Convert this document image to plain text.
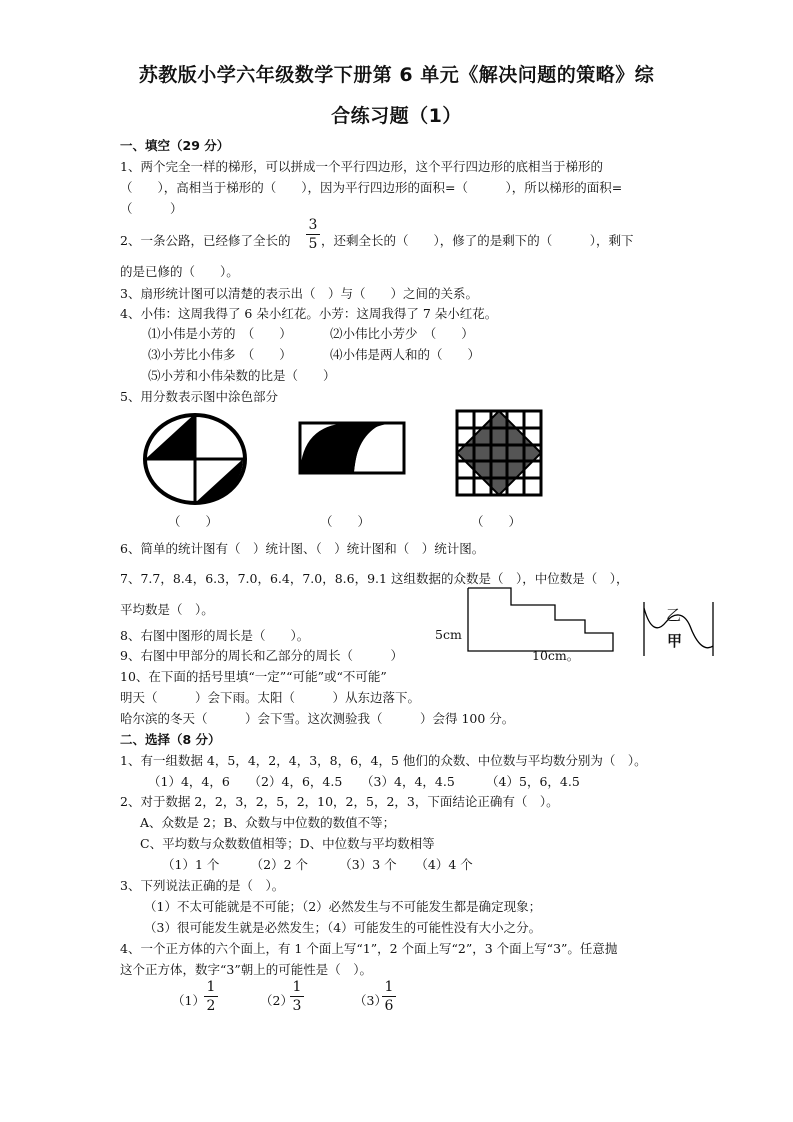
苏教版小学六年级数学下册第 6 单元《解决问题的策略》综
合练习题（1）
一、填空（29 分）
1、两个完全一样的梯形，可以拼成一个平行四边形，这个平行四边形的底相当于梯形的
（　　），高相当于梯形的（　　），因为平行四边形的面积=（　　　），所以梯形的面积=
（　　　）
2、一条公路，已经修了全长的
3
5 ，还剩全长的（　　），修了的是剩下的（　　　），剩下
的是已修的（　　）。
3、扇形统计图可以清楚的表示出（　）与（　　）之间的关系。
4、小伟：这周我得了 6 朵小红花。小芳：这周我得了 7 朵小红花。
⑴小伟是小芳的　（　　）	⑵小伟比小芳少　（　　）
⑶小芳比小伟多　（　　）	⑷小伟是两人和的（　　）
⑸小芳和小伟朵数的比是（　　）
5、用分数表示图中涂色部分
（　　）	（　　）	（　　）
6、简单的统计图有（　）统计图、（　）统计图和（　）统计图。
7、7.7，8.4，6.3，7.0，6.4，7.0，8.6，9.1 这组数据的众数是（　），中位数是（　），
平均数是（　）。
5cm
10cm。
乙
甲
8、右图中图形的周长是（　　）。
9、右图中甲部分的周长和乙部分的周长（　　　）
10、在下面的括号里填“一定”“可能”或“不可能”
明天（　　　）会下雨。太阳（　　　）从东边落下。
哈尔滨的冬天（　　　）会下雪。这次测验我（　　　）会得 100 分。
二、选择（8 分）
1、有一组数据 4，5，4，2，4，3，8，6，4，5 他们的众数、中位数与平均数分别为（　）。
（1）4，4，6　　（2）4，6，4.5　　（3）4，4，4.5　　　（4）5，6，4.5
2、对于数据 2，2，3，2，5，2，10，2，5，2，3，下面结论正确有（　）。
A、众数是 2；B、众数与中位数的数值不等；
C、平均数与众数数值相等；D、中位数与平均数相等
（1）1 个　　　（2）2 个　　　（3）3 个　　（4）4 个
3、下列说法正确的是（　）。
（1）不太可能就是不可能；（2）必然发生与不可能发生都是确定现象；
（3）很可能发生就是必然发生；（4）可能发生的可能性没有大小之分。
4、一个正方体的六个面上，有 1 个面上写“1”，2 个面上写“2”，3 个面上写“3”。任意抛
这个正方体，数字“3”朝上的可能性是（　）。
（1）
1
2	（2）
1
3	（3）
1
6
